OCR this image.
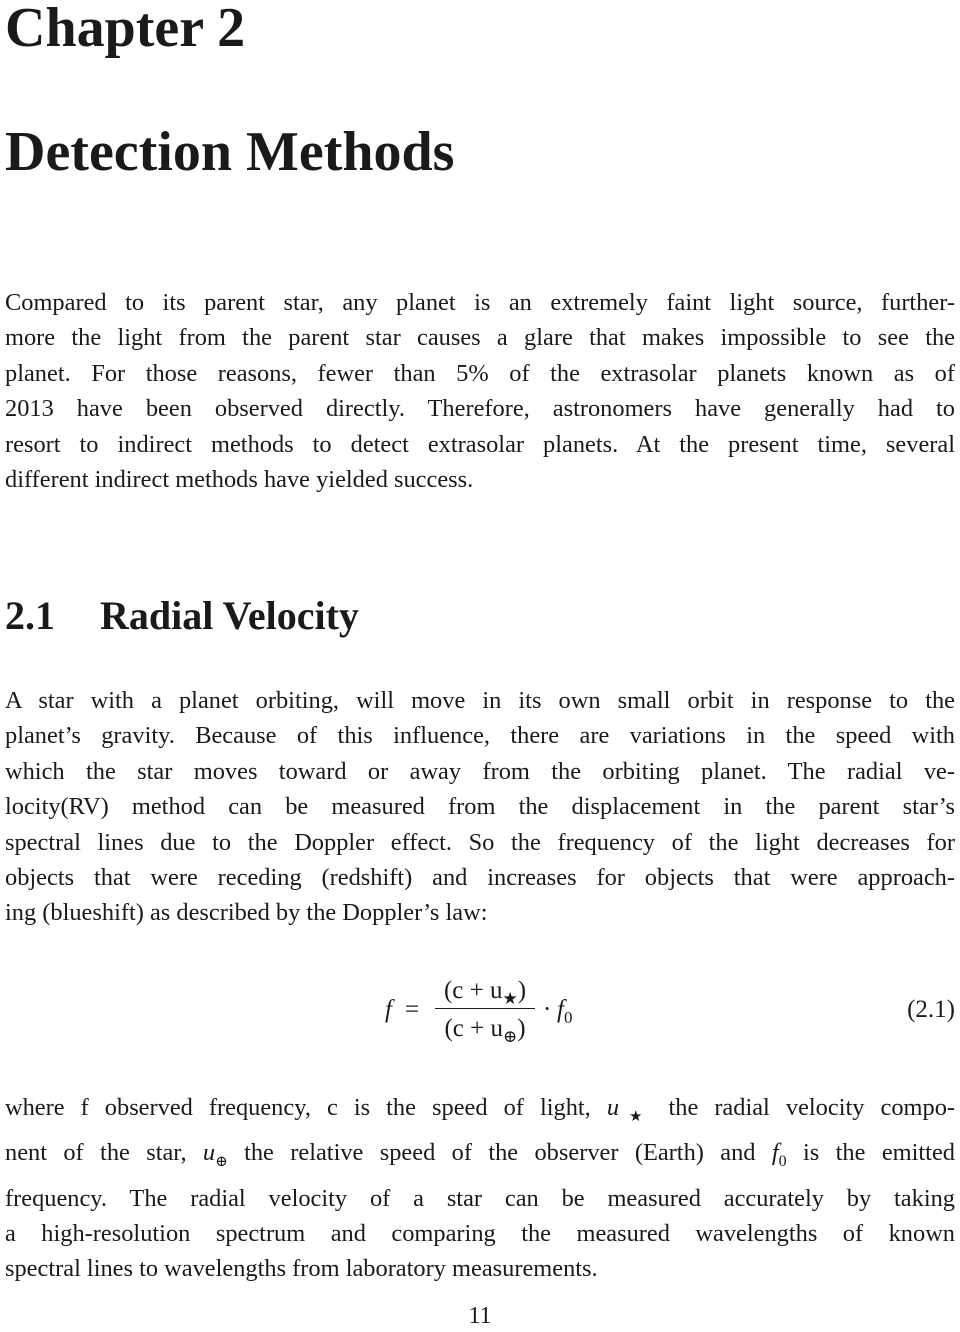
Chapter 2
Detection Methods
Compared to its parent star, any planet is an extremely faint light source, further-
more the light from the parent star causes a glare that makes impossible to see the
planet. For those reasons, fewer than 5% of the extrasolar planets known as of
2013 have been observed directly. Therefore, astronomers have generally had to
resort to indirect methods to detect extrasolar planets. At the present time, several
different indirect methods have yielded success.
2.1 Radial Velocity
A star with a planet orbiting, will move in its own small orbit in response to the
planet’s gravity. Because of this influence, there are variations in the speed with
which the star moves toward or away from the orbiting planet. The radial ve-
locity(RV) method can be measured from the displacement in the parent star’s
spectral lines due to the Doppler effect. So the frequency of the light decreases for
objects that were receding (redshift) and increases for objects that were approach-
ing (blueshift) as described by the Doppler’s law:
f =
$(c + u_★)$
$(c + u_\oplus)$
· $f_0$	(2.1)
where f observed frequency, c is the speed of light, $u_★$ the radial velocity compo-
nent of the star, $u_\oplus$ the relative speed of the observer (Earth) and $f_0$ is the emitted
frequency. The radial velocity of a star can be measured accurately by taking
a high-resolution spectrum and comparing the measured wavelengths of known
spectral lines to wavelengths from laboratory measurements.
11
